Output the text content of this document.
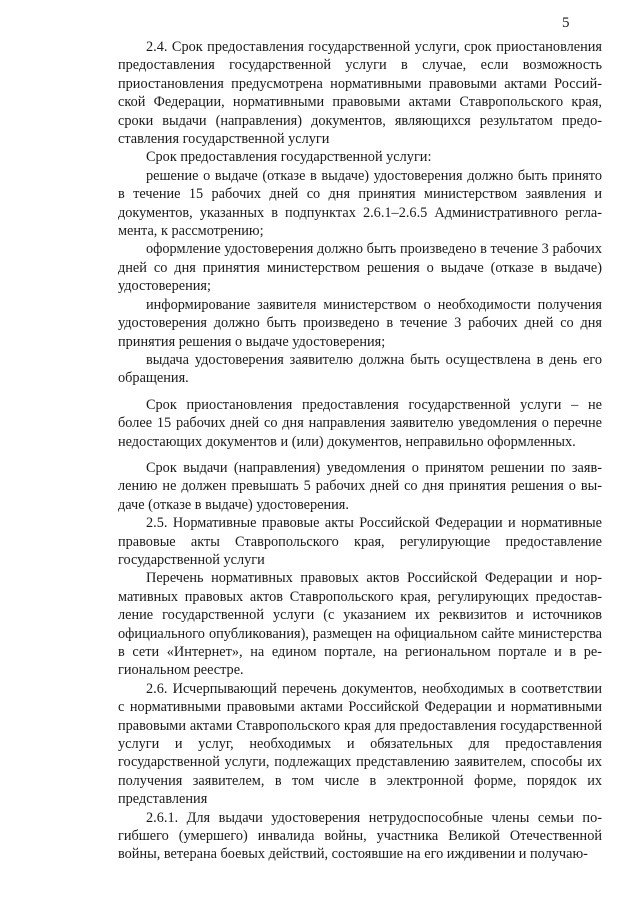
5

2.4. Срок предоставления государственной услуги, срок приостановления предоставления государственной услуги в случае, если возможность приостановления предусмотрена нормативными правовыми актами Российской Федерации, нормативными правовыми актами Ставропольского края, сроки выдачи (направления) документов, являющихся результатом предоставления государственной услуги

Срок предоставления государственной услуги:

решение о выдаче (отказе в выдаче) удостоверения должно быть принято в течение 15 рабочих дней со дня принятия министерством заявления и документов, указанных в подпунктах 2.6.1–2.6.5 Административного регламента, к рассмотрению;

оформление удостоверения должно быть произведено в течение 3 рабочих дней со дня принятия министерством решения о выдаче (отказе в выдаче) удостоверения;

информирование заявителя министерством о необходимости получения удостоверения должно быть произведено в течение 3 рабочих дней со дня принятия решения о выдаче удостоверения;

выдача удостоверения заявителю должна быть осуществлена в день его обращения.

Срок приостановления предоставления государственной услуги – не более 15 рабочих дней со дня направления заявителю уведомления о перечне недостающих документов и (или) документов, неправильно оформленных.

Срок выдачи (направления) уведомления о принятом решении по заявлению не должен превышать 5 рабочих дней со дня принятия решения о выдаче (отказе в выдаче) удостоверения.

2.5. Нормативные правовые акты Российской Федерации и нормативные правовые акты Ставропольского края, регулирующие предоставление государственной услуги

Перечень нормативных правовых актов Российской Федерации и нормативных правовых актов Ставропольского края, регулирующих предоставление государственной услуги (с указанием их реквизитов и источников официального опубликования), размещен на официальном сайте министерства в сети «Интернет», на едином портале, на региональном портале и в региональном реестре.

2.6. Исчерпывающий перечень документов, необходимых в соответствии с нормативными правовыми актами Российской Федерации и нормативными правовыми актами Ставропольского края для предоставления государственной услуги и услуг, необходимых и обязательных для предоставления государственной услуги, подлежащих представлению заявителем, способы их получения заявителем, в том числе в электронной форме, порядок их представления

2.6.1. Для выдачи удостоверения нетрудоспособные члены семьи погибшего (умершего) инвалида войны, участника Великой Отечественной войны, ветерана боевых действий, состоявшие на его иждивении и получаю-
